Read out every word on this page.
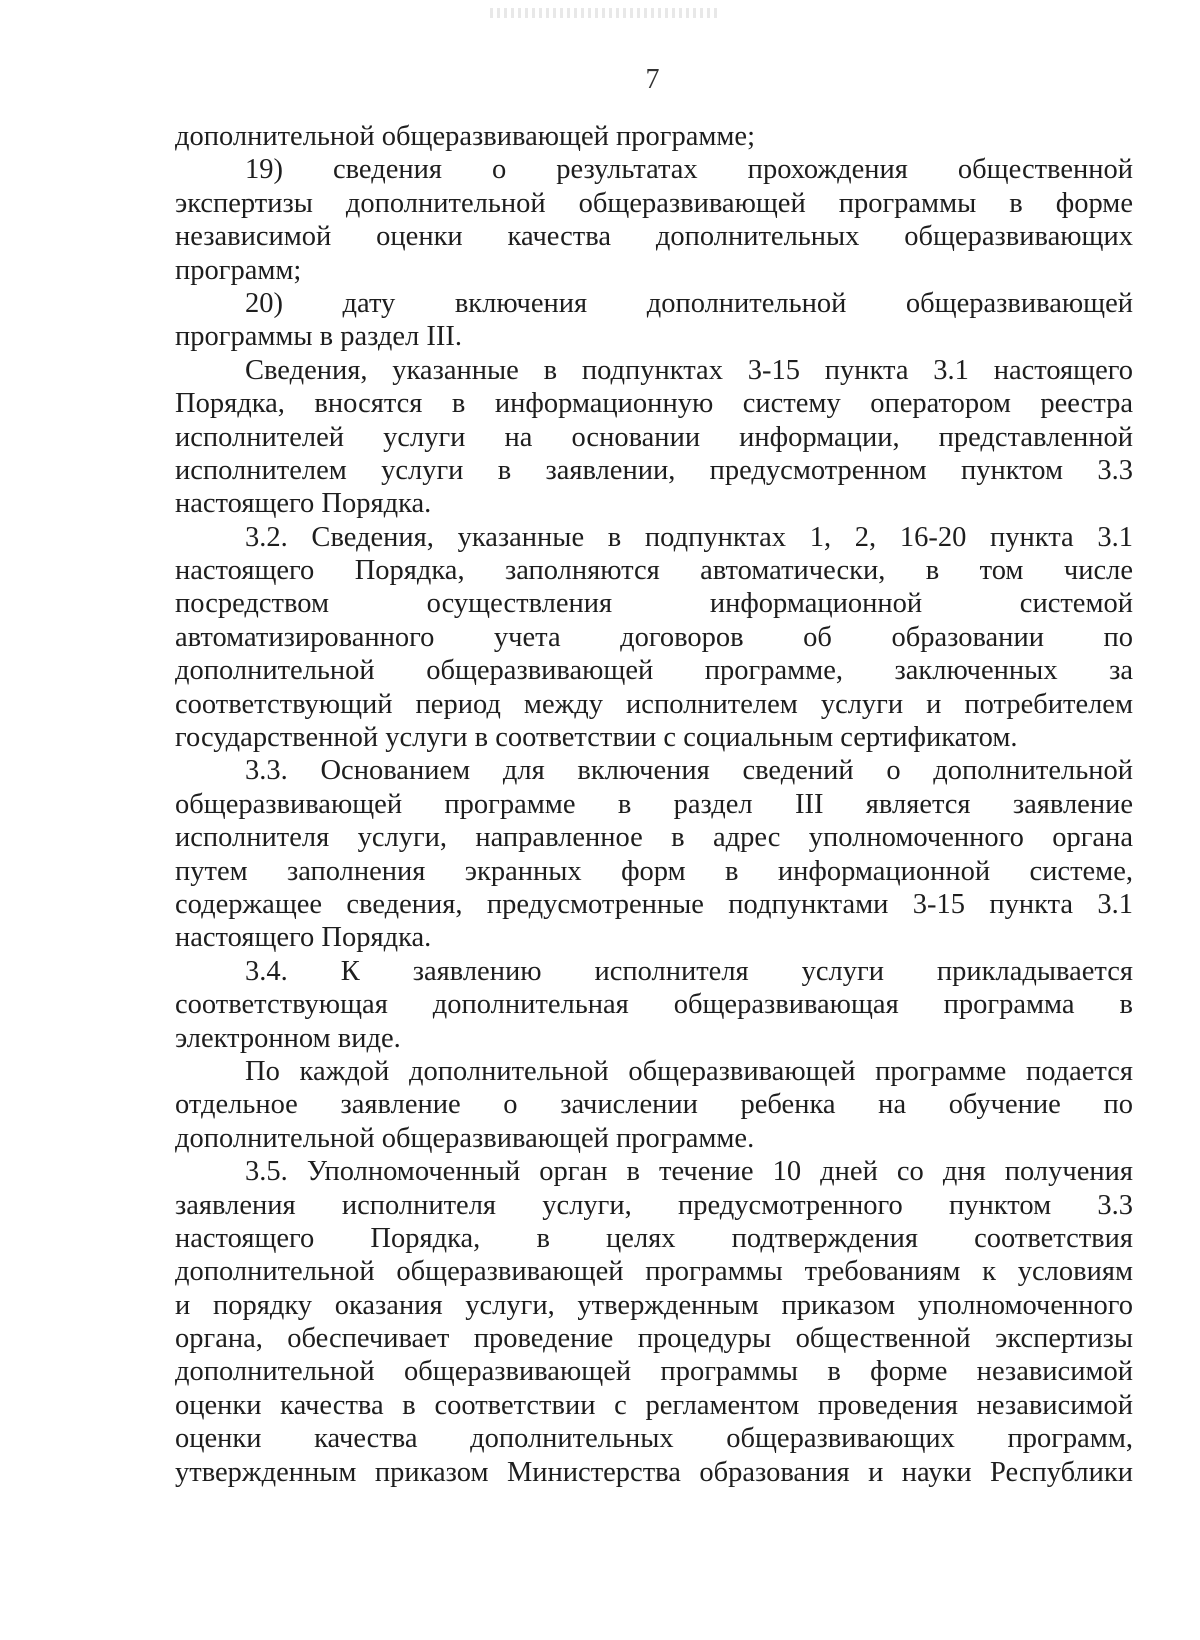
7
дополнительной общеразвивающей программе;
19) сведения о результатах прохождения общественной
экспертизы дополнительной общеразвивающей программы в форме
независимой оценки качества дополнительных общеразвивающих
программ;
20) дату включения дополнительной общеразвивающей
программы в раздел III.
Сведения, указанные в подпунктах 3-15 пункта 3.1 настоящего
Порядка, вносятся в информационную систему оператором реестра
исполнителей услуги на основании информации, представленной
исполнителем услуги в заявлении, предусмотренном пунктом 3.3
настоящего Порядка.
3.2. Сведения, указанные в подпунктах 1, 2, 16-20 пункта 3.1
настоящего Порядка, заполняются автоматически, в том числе
посредством осуществления информационной системой
автоматизированного учета договоров об образовании по
дополнительной общеразвивающей программе, заключенных за
соответствующий период между исполнителем услуги и потребителем
государственной услуги в соответствии с социальным сертификатом.
3.3. Основанием для включения сведений о дополнительной
общеразвивающей программе в раздел III является заявление
исполнителя услуги, направленное в адрес уполномоченного органа
путем заполнения экранных форм в информационной системе,
содержащее сведения, предусмотренные подпунктами 3-15 пункта 3.1
настоящего Порядка.
3.4. К заявлению исполнителя услуги прикладывается
соответствующая дополнительная общеразвивающая программа в
электронном виде.
По каждой дополнительной общеразвивающей программе подается
отдельное заявление о зачислении ребенка на обучение по
дополнительной общеразвивающей программе.
3.5. Уполномоченный орган в течение 10 дней со дня получения
заявления исполнителя услуги, предусмотренного пунктом 3.3
настоящего Порядка, в целях подтверждения соответствия
дополнительной общеразвивающей программы требованиям к условиям
и порядку оказания услуги, утвержденным приказом уполномоченного
органа, обеспечивает проведение процедуры общественной экспертизы
дополнительной общеразвивающей программы в форме независимой
оценки качества в соответствии с регламентом проведения независимой
оценки качества дополнительных общеразвивающих программ,
утвержденным приказом Министерства образования и науки Республики
